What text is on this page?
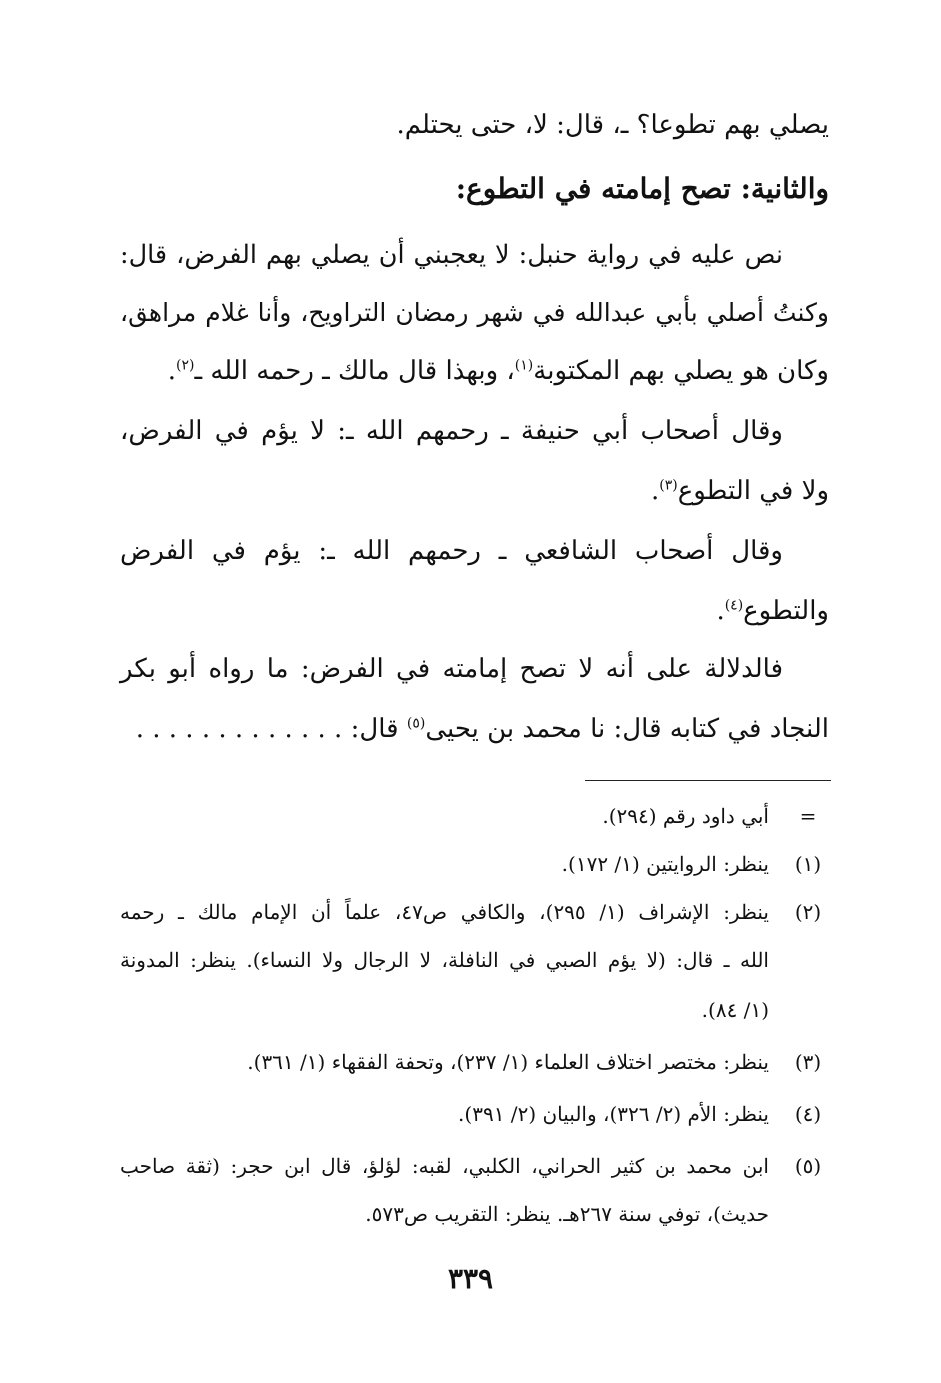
يصلي بهم تطوعا؟ ـ، قال: لا، حتى يحتلم.
والثانية: تصح إمامته في التطوع:
نص عليه في رواية حنبل: لا يعجبني أن يصلي بهم الفرض، قال:
وكنتُ أصلي بأبي عبدالله في شهر رمضان التراويح، وأنا غلام مراهق،
وكان هو يصلي بهم المكتوبة$^{(١)}$، وبهذا قال مالك ـ رحمه الله ـ$^{(٢)}$.
وقال أصحاب أبي حنيفة ـ رحمهم الله ـ: لا يؤم في الفرض،
ولا في التطوع$^{(٣)}$.
وقال أصحاب الشافعي ـ رحمهم الله ـ: يؤم في الفرض
والتطوع$^{(٤)}$.
فالدلالة على أنه لا تصح إمامته في الفرض: ما رواه أبو بكر
النجاد في كتابه قال: نا محمد بن يحيى$^{(٥)}$ قال: . . . . . . . . . . . . .
=
أبي داود رقم (٢٩٤).
(١)
ينظر: الروايتين (١/ ١٧٢).
(٢)
ينظر: الإشراف (١/ ٢٩٥)، والكافي ص٤٧، علماً أن الإمام مالك ـ رحمه
الله ـ قال: (لا يؤم الصبي في النافلة، لا الرجال ولا النساء). ينظر: المدونة
(١/ ٨٤).
(٣)
ينظر: مختصر اختلاف العلماء (١/ ٢٣٧)، وتحفة الفقهاء (١/ ٣٦١).
(٤)
ينظر: الأم (٢/ ٣٢٦)، والبيان (٢/ ٣٩١).
(٥)
ابن محمد بن كثير الحراني، الكلبي، لقبه: لؤلؤ، قال ابن حجر: (ثقة صاحب
حديث)، توفي سنة ٢٦٧هـ. ينظر: التقريب ص٥٧٣.
٣٣٩
